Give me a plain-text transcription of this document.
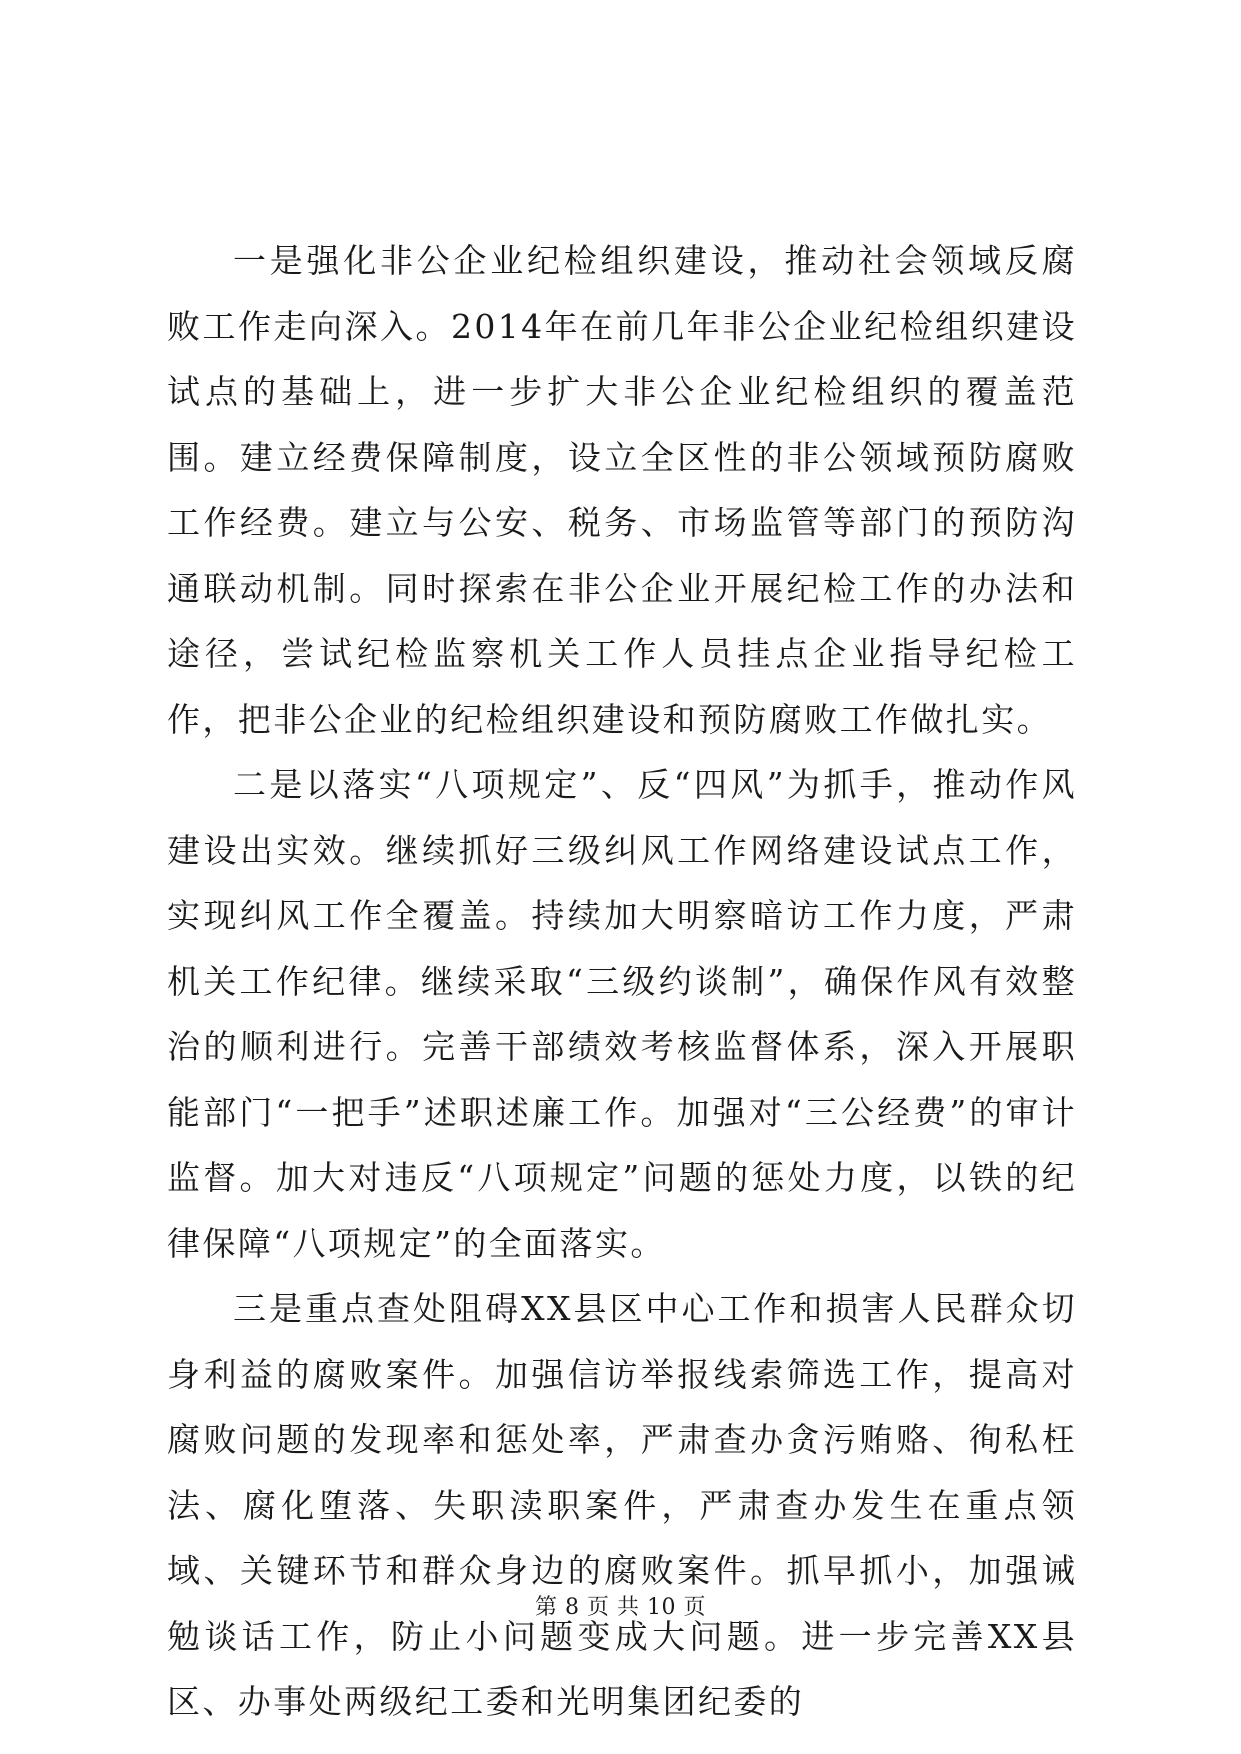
一是强化非公企业纪检组织建设，推动社会领域反腐败工作走向深入。2014年在前几年非公企业纪检组织建设试点的基础上，进一步扩大非公企业纪检组织的覆盖范围。建立经费保障制度，设立全区性的非公领域预防腐败工作经费。建立与公安、税务、市场监管等部门的预防沟通联动机制。同时探索在非公企业开展纪检工作的办法和途径，尝试纪检监察机关工作人员挂点企业指导纪检工作，把非公企业的纪检组织建设和预防腐败工作做扎实。

二是以落实“八项规定”、反“四风”为抓手，推动作风建设出实效。继续抓好三级纠风工作网络建设试点工作，实现纠风工作全覆盖。持续加大明察暗访工作力度，严肃机关工作纪律。继续采取“三级约谈制”，确保作风有效整治的顺利进行。完善干部绩效考核监督体系，深入开展职能部门“一把手”述职述廉工作。加强对“三公经费”的审计监督。加大对违反“八项规定”问题的惩处力度，以铁的纪律保障“八项规定”的全面落实。

三是重点查处阻碍XX县区中心工作和损害人民群众切身利益的腐败案件。加强信访举报线索筛选工作，提高对腐败问题的发现率和惩处率，严肃查办贪污贿赂、徇私枉法、腐化堕落、失职渎职案件，严肃查办发生在重点领域、关键环节和群众身边的腐败案件。抓早抓小，加强诫勉谈话工作，防止小问题变成大问题。进一步完善XX县区、办事处两级纪工委和光明集团纪委的

第 8 页 共 10 页
